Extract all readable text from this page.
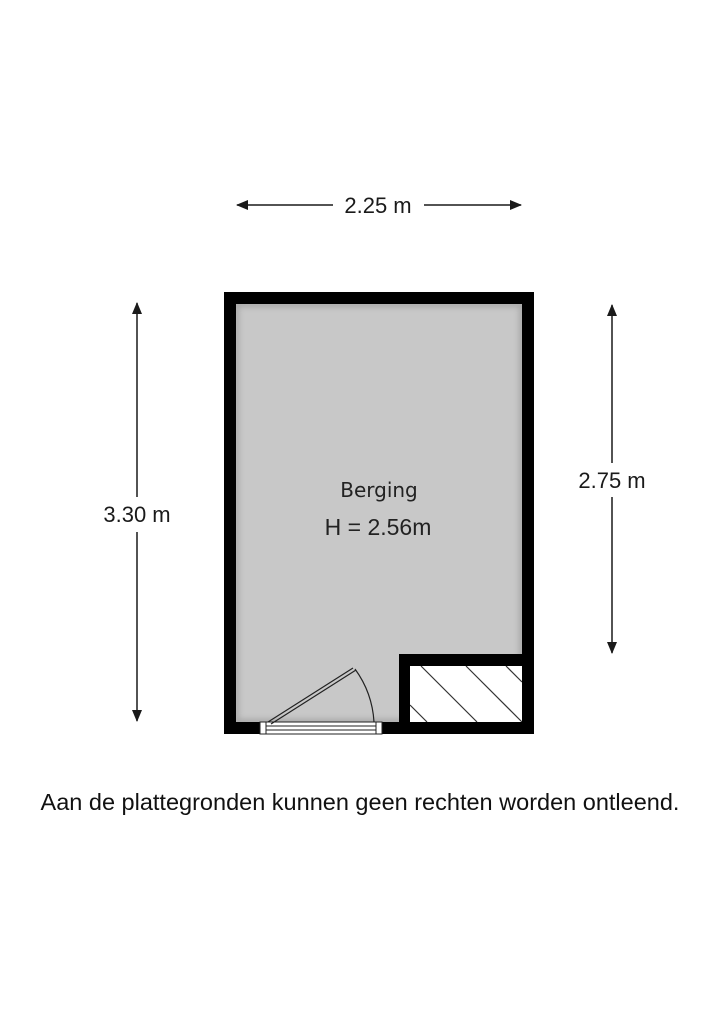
2.25 m
3.30 m
2.75 m
Berging
H = 2.56m
Aan de plattegronden kunnen geen rechten worden ontleend.
